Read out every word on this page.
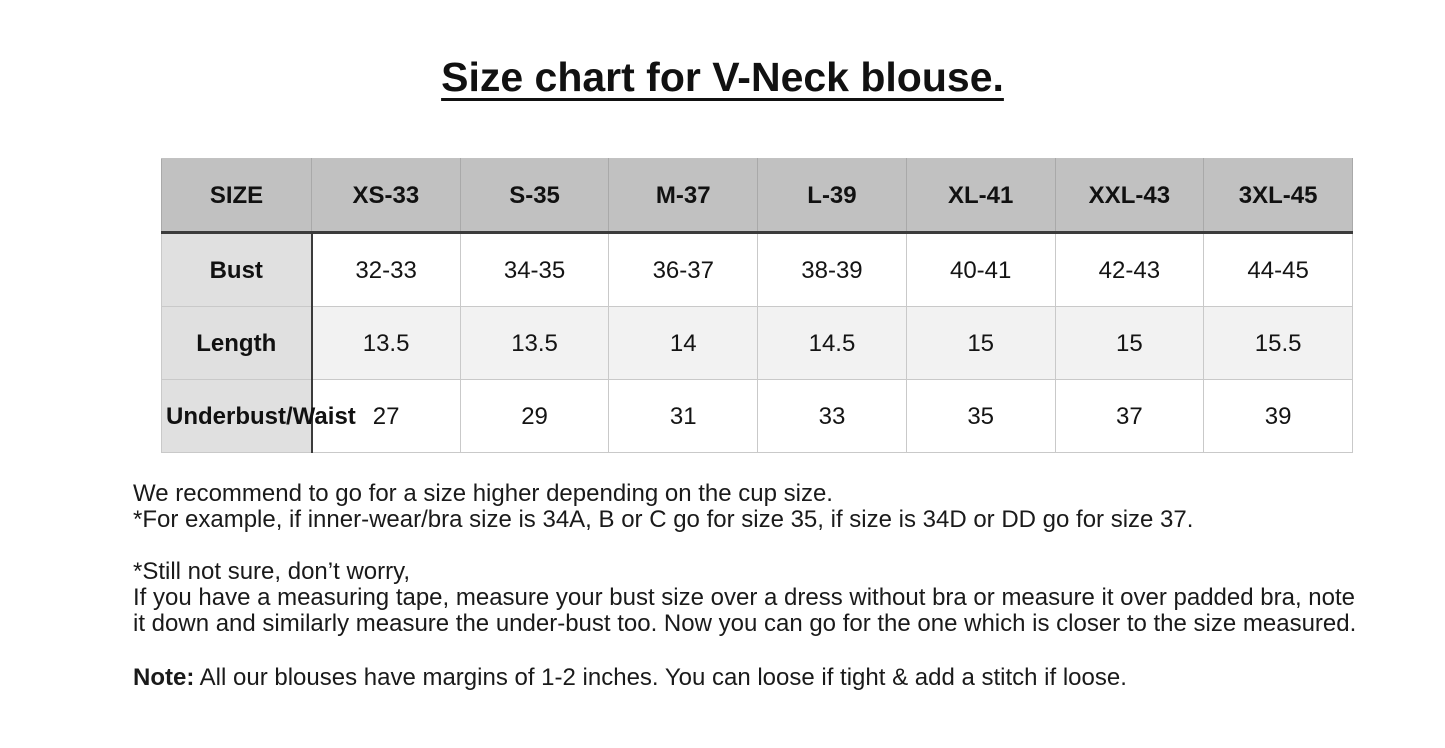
Size chart for V-Neck blouse.
SIZE	XS-33	S-35	M-37	L-39	XL-41	XXL-43	3XL-45
Bust	32-33	34-35	36-37	38-39	40-41	42-43	44-45
Length	13.5	13.5	14	14.5	15	15	15.5
Underbust/Waist	27	29	31	33	35	37	39
We recommend to go for a size higher depending on the cup size.
*For example, if inner-wear/bra size is 34A, B or C go for size 35, if size is 34D or DD go for size 37.
*Still not sure, don’t worry,
If you have a measuring tape, measure your bust size over a dress without bra or measure it over padded bra, note
it down and similarly measure the under-bust too. Now you can go for the one which is closer to the size measured.
Note: All our blouses have margins of 1-2 inches. You can loose if tight & add a stitch if loose.
